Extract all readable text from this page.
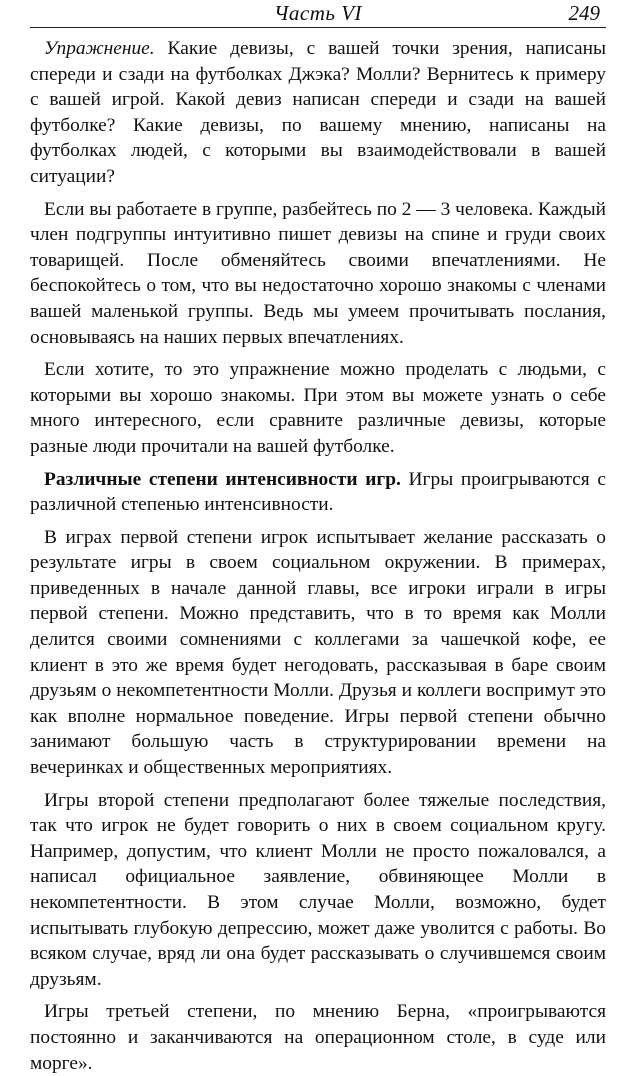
Часть VI	249

Упражнение. Какие девизы, с вашей точки зрения, написаны спереди и сзади на футболках Джэка? Молли? Вернитесь к примеру с вашей игрой. Какой девиз написан спереди и сзади на вашей футболке? Какие девизы, по вашему мнению, написаны на футболках людей, с которыми вы взаимодействовали в вашей ситуации?

Если вы работаете в группе, разбейтесь по 2 — 3 человека. Каждый член подгруппы интуитивно пишет девизы на спине и груди своих товарищей. После обменяйтесь своими впечатлениями. Не беспокойтесь о том, что вы недостаточно хорошо знакомы с членами вашей маленькой группы. Ведь мы умеем прочитывать послания, основываясь на наших первых впечатлениях.

Если хотите, то это упражнение можно проделать с людьми, с которыми вы хорошо знакомы. При этом вы можете узнать о себе много интересного, если сравните различные девизы, которые разные люди прочитали на вашей футболке.

Различные степени интенсивности игр. Игры проигрываются с различной степенью интенсивности.

В играх первой степени игрок испытывает желание рассказать о результате игры в своем социальном окружении. В примерах, приведенных в начале данной главы, все игроки играли в игры первой степени. Можно представить, что в то время как Молли делится своими сомнениями с коллегами за чашечкой кофе, ее клиент в это же время будет негодовать, рассказывая в баре своим друзьям о некомпетентности Молли. Друзья и коллеги воспримут это как вполне нормальное поведение. Игры первой степени обычно занимают большую часть в структурировании времени на вечеринках и общественных мероприятиях.

Игры второй степени предполагают более тяжелые последствия, так что игрок не будет говорить о них в своем социальном кругу. Например, допустим, что клиент Молли не просто пожаловался, а написал официальное заявление, обвиняющее Молли в некомпетентности. В этом случае Молли, возможно, будет испытывать глубокую депрессию, может даже уволится с работы. Во всяком случае, вряд ли она будет рассказывать о случившемся своим друзьям.

Игры третьей степени, по мнению Берна, «проигрываются постоянно и заканчиваются на операционном столе, в суде или морге».
